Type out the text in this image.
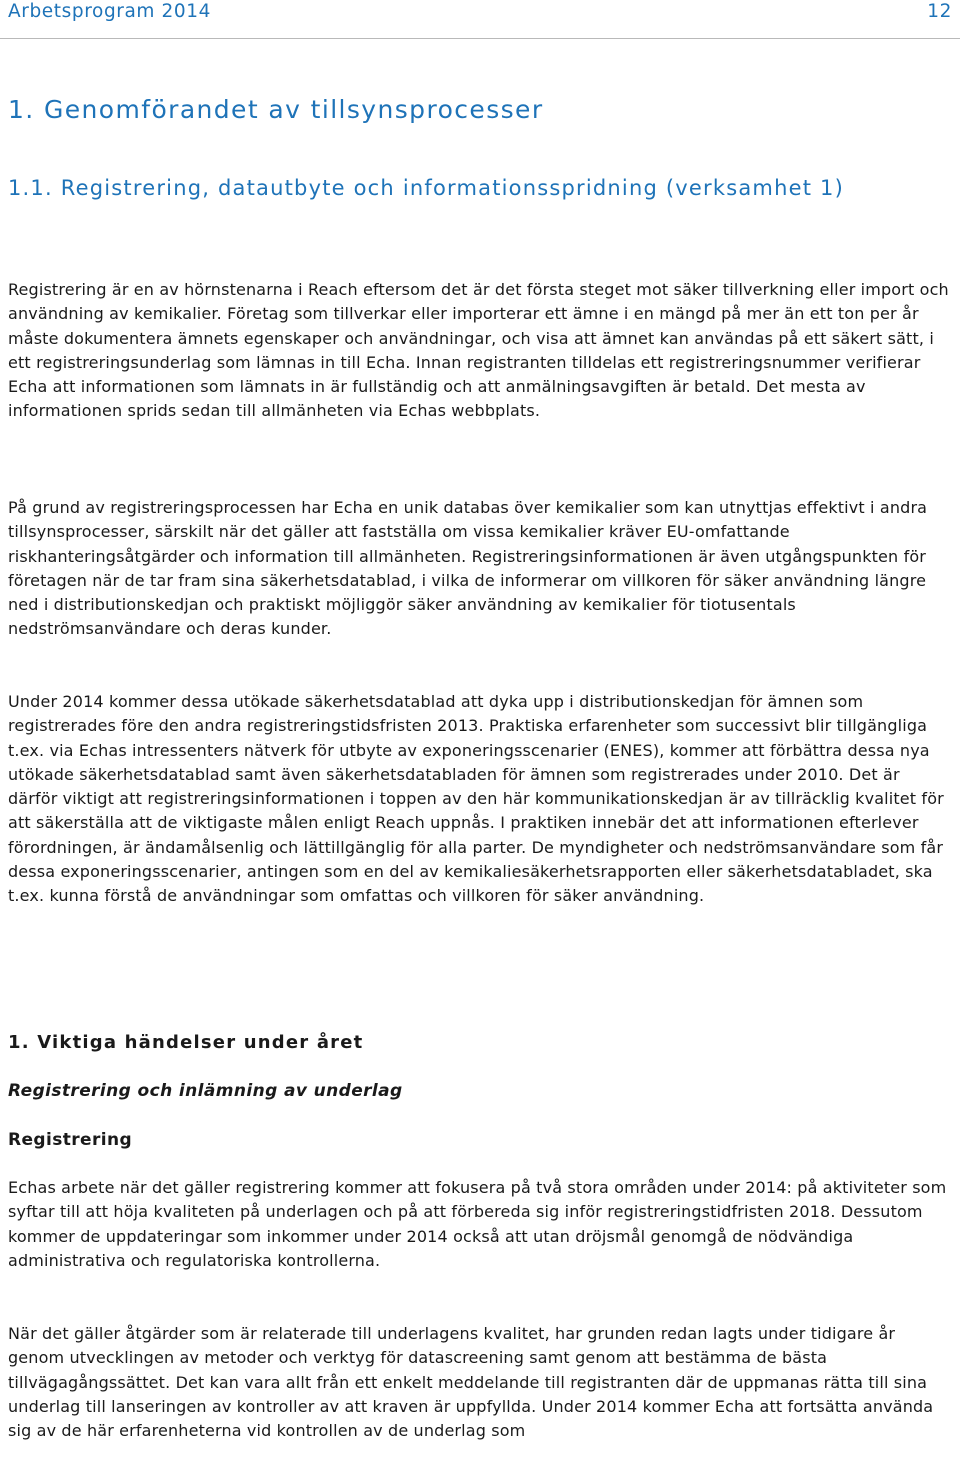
Arbetsprogram 2014	12
1. Genomförandet av tillsynsprocesser
1.1. Registrering, datautbyte och informationsspridning (verksamhet 1)

Registrering är en av hörnstenarna i Reach eftersom det är det första steget mot säker tillverkning eller import och användning av kemikalier. Företag som tillverkar eller importerar ett ämne i en mängd på mer än ett ton per år måste dokumentera ämnets egenskaper och användningar, och visa att ämnet kan användas på ett säkert sätt, i ett registreringsunderlag som lämnas in till Echa. Innan registranten tilldelas ett registreringsnummer verifierar Echa att informationen som lämnats in är fullständig och att anmälningsavgiften är betald. Det mesta av informationen sprids sedan till allmänheten via Echas webbplats.

På grund av registreringsprocessen har Echa en unik databas över kemikalier som kan utnyttjas effektivt i andra tillsynsprocesser, särskilt när det gäller att fastställa om vissa kemikalier kräver EU-omfattande riskhanteringsåtgärder och information till allmänheten. Registreringsinformationen är även utgångspunkten för företagen när de tar fram sina säkerhetsdatablad, i vilka de informerar om villkoren för säker användning längre ned i distributionskedjan och praktiskt möjliggör säker användning av kemikalier för tiotusentals nedströmsanvändare och deras kunder.

Under 2014 kommer dessa utökade säkerhetsdatablad att dyka upp i distributionskedjan för ämnen som registrerades före den andra registreringstidsfristen 2013. Praktiska erfarenheter som successivt blir tillgängliga t.ex. via Echas intressenters nätverk för utbyte av exponeringsscenarier (ENES), kommer att förbättra dessa nya utökade säkerhetsdatablad samt även säkerhetsdatabladen för ämnen som registrerades under 2010. Det är därför viktigt att registreringsinformationen i toppen av den här kommunikationskedjan är av tillräcklig kvalitet för att säkerställa att de viktigaste målen enligt Reach uppnås. I praktiken innebär det att informationen efterlever förordningen, är ändamålsenlig och lättillgänglig för alla parter. De myndigheter och nedströmsanvändare som får dessa exponeringsscenarier, antingen som en del av kemikaliesäkerhetsrapporten eller säkerhetsdatabladet, ska t.ex. kunna förstå de användningar som omfattas och villkoren för säker användning.

1. Viktiga händelser under året
Registrering och inlämning av underlag
Registrering

Echas arbete när det gäller registrering kommer att fokusera på två stora områden under 2014: på aktiviteter som syftar till att höja kvaliteten på underlagen och på att förbereda sig inför registreringstidfristen 2018. Dessutom kommer de uppdateringar som inkommer under 2014 också att utan dröjsmål genomgå de nödvändiga administrativa och regulatoriska kontrollerna.

När det gäller åtgärder som är relaterade till underlagens kvalitet, har grunden redan lagts under tidigare år genom utvecklingen av metoder och verktyg för datascreening samt genom att bestämma de bästa tillvägagångssättet. Det kan vara allt från ett enkelt meddelande till registranten där de uppmanas rätta till sina underlag till lanseringen av kontroller av att kraven är uppfyllda. Under 2014 kommer Echa att fortsätta använda sig av de här erfarenheterna vid kontrollen av de underlag som
